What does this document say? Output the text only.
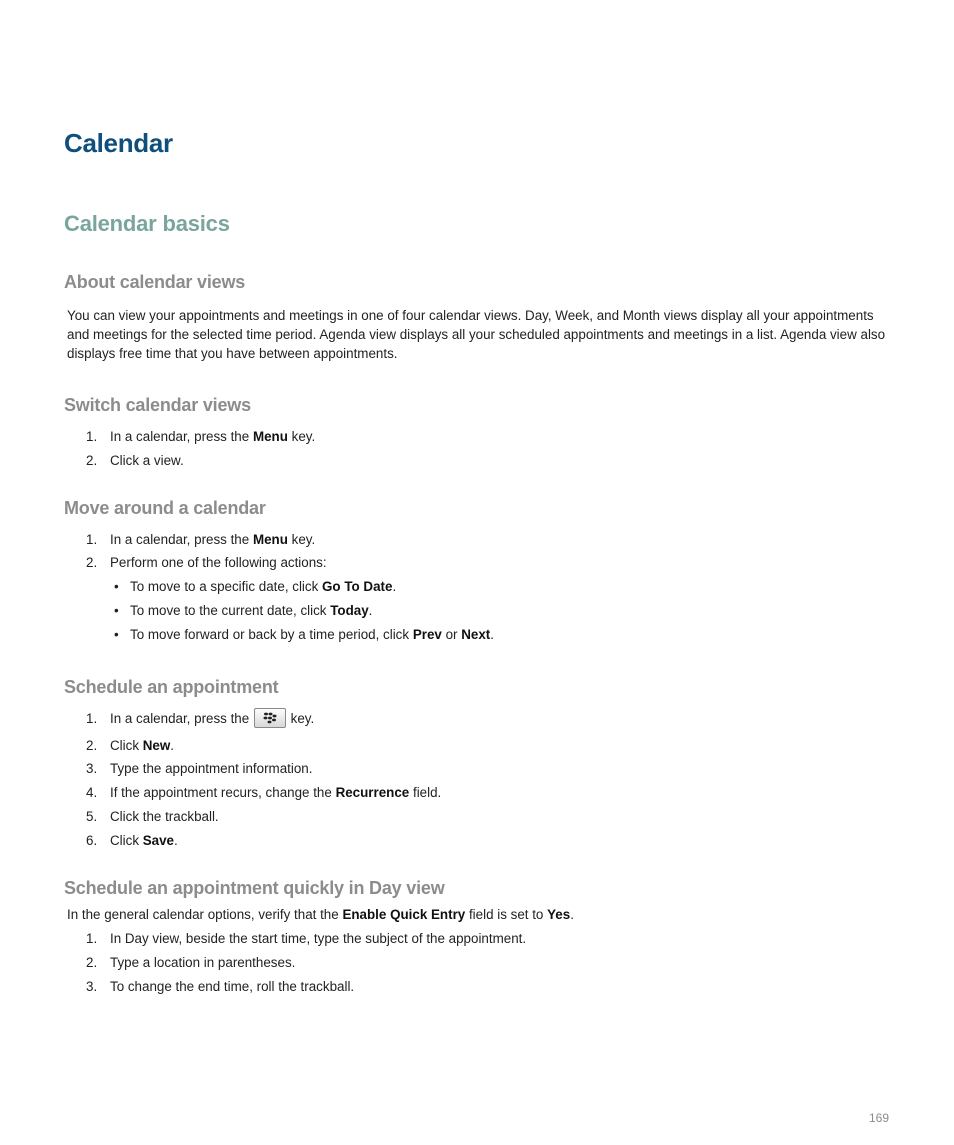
Calendar
Calendar basics
About calendar views

You can view your appointments and meetings in one of four calendar views. Day, Week, and Month views display all your appointments and meetings for the selected time period. Agenda view displays all your scheduled appointments and meetings in a list. Agenda view also displays free time that you have between appointments.

Switch calendar views
1. In a calendar, press the Menu key.
2. Click a view.
Move around a calendar
1. In a calendar, press the Menu key.
2. Perform one of the following actions:
• To move to a specific date, click Go To Date.
• To move to the current date, click Today.
• To move forward or back by a time period, click Prev or Next.
Schedule an appointment
1. In a calendar, press the	key.
2. Click New.
3. Type the appointment information.
4. If the appointment recurs, change the Recurrence field.
5. Click the trackball.
6. Click Save.
Schedule an appointment quickly in Day view
In the general calendar options, verify that the Enable Quick Entry field is set to Yes.
1. In Day view, beside the start time, type the subject of the appointment.
2. Type a location in parentheses.
3. To change the end time, roll the trackball.
169
